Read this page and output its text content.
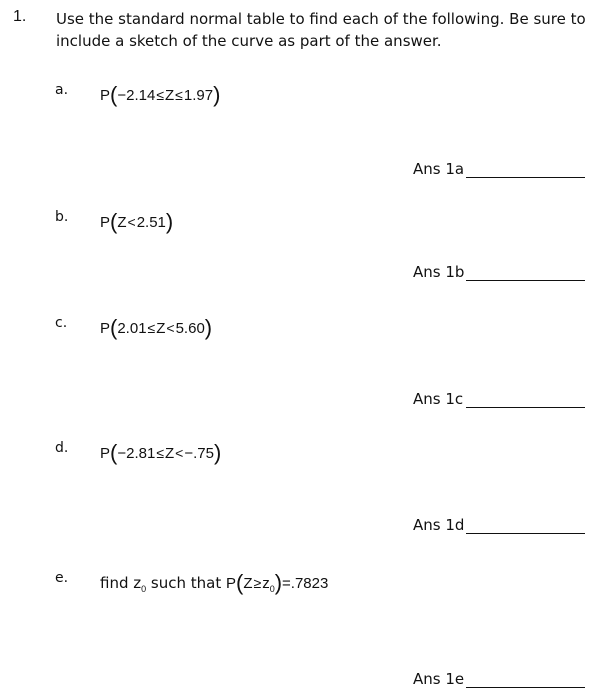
1. Use the standard normal table to find each of the following. Be sure to include a sketch of the curve as part of the answer.
a. P(−2.14≤Z≤1.97)
Ans 1a
b. P(Z<2.51)
Ans 1b
c. P(2.01≤Z<5.60)
Ans 1c
d. P(−2.81≤Z<−.75)
Ans 1d
e. find $z_0$ such that $P(Z\ge z_0)=.7823$
Ans 1e
